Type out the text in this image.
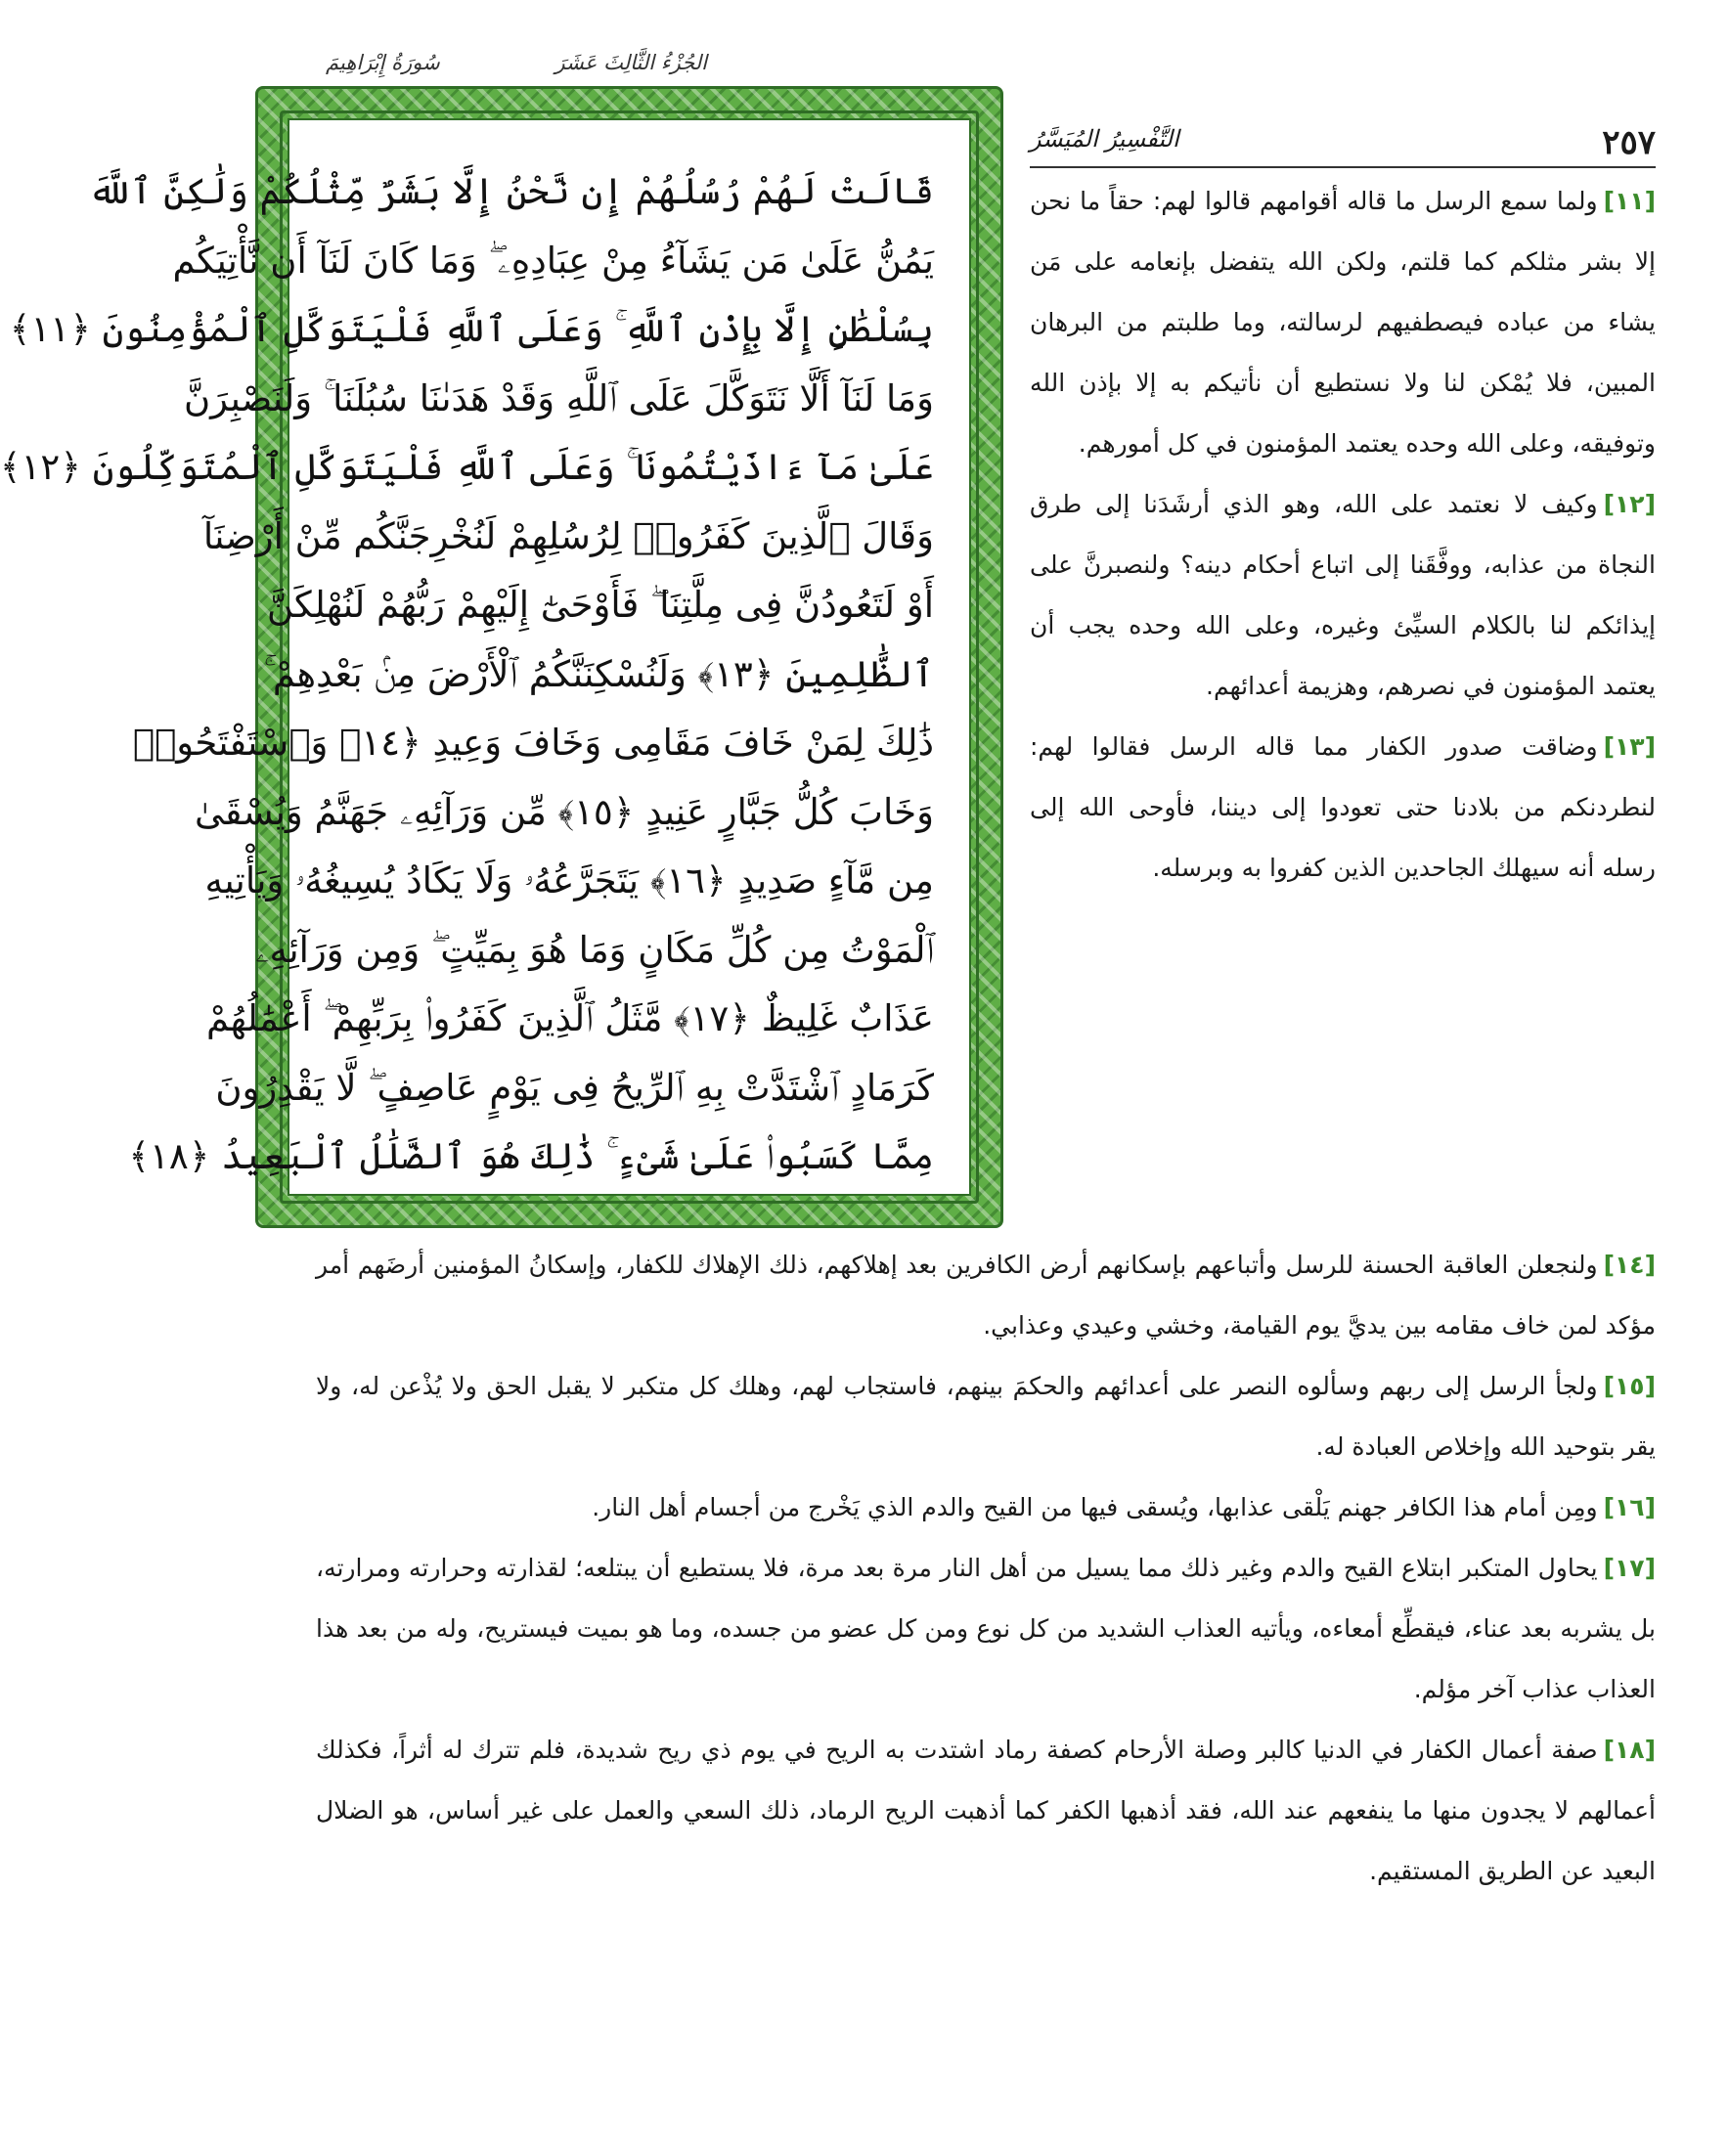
الجُزْءُ الثَّالِثَ عَشَرَ
سُورَةُ إِبْرَاهِيمَ
٢٥٧
التَّفْسِيرُ المُيَسَّرُ
قَالَتْ لَهُمْ رُسُلُهُمْ إِن نَّحْنُ إِلَّا بَشَرٌ مِّثْلُكُمْ وَلَٰكِنَّ ٱللَّهَ
يَمُنُّ عَلَىٰ مَن يَشَآءُ مِنْ عِبَادِهِۦ ۖ وَمَا كَانَ لَنَآ أَن نَّأْتِيَكُم
بِسُلْطَٰنٍ إِلَّا بِإِذْنِ ٱللَّهِ ۚ وَعَلَى ٱللَّهِ فَلْيَتَوَكَّلِ ٱلْمُؤْمِنُونَ ﴿١١﴾
وَمَا لَنَآ أَلَّا نَتَوَكَّلَ عَلَى ٱللَّهِ وَقَدْ هَدَىٰنَا سُبُلَنَا ۚ وَلَنَصْبِرَنَّ
عَلَىٰ مَآ ءَاذَيْتُمُونَا ۚ وَعَلَى ٱللَّهِ فَلْيَتَوَكَّلِ ٱلْمُتَوَكِّلُونَ ﴿١٢﴾
وَقَالَ ٱلَّذِينَ كَفَرُوا۟ لِرُسُلِهِمْ لَنُخْرِجَنَّكُم مِّنْ أَرْضِنَآ
أَوْ لَتَعُودُنَّ فِى مِلَّتِنَا ۖ فَأَوْحَىٰٓ إِلَيْهِمْ رَبُّهُمْ لَنُهْلِكَنَّ
ٱلظَّٰلِمِينَ ﴿١٣﴾ وَلَنُسْكِنَنَّكُمُ ٱلْأَرْضَ مِنۢ بَعْدِهِمْ ۚ
ذَٰلِكَ لِمَنْ خَافَ مَقَامِى وَخَافَ وَعِيدِ ﴿١٤﴾ وَٱسْتَفْتَحُوا۟
وَخَابَ كُلُّ جَبَّارٍ عَنِيدٍ ﴿١٥﴾ مِّن وَرَآئِهِۦ جَهَنَّمُ وَيُسْقَىٰ
مِن مَّآءٍ صَدِيدٍ ﴿١٦﴾ يَتَجَرَّعُهُۥ وَلَا يَكَادُ يُسِيغُهُۥ وَيَأْتِيهِ
ٱلْمَوْتُ مِن كُلِّ مَكَانٍ وَمَا هُوَ بِمَيِّتٍ ۖ وَمِن وَرَآئِهِۦ
عَذَابٌ غَلِيظٌ ﴿١٧﴾ مَّثَلُ ٱلَّذِينَ كَفَرُوا۟ بِرَبِّهِمْ ۖ أَعْمَٰلُهُمْ
كَرَمَادٍ ٱشْتَدَّتْ بِهِ ٱلرِّيحُ فِى يَوْمٍ عَاصِفٍ ۖ لَّا يَقْدِرُونَ
مِمَّا كَسَبُوا۟ عَلَىٰ شَىْءٍ ۚ ذَٰلِكَ هُوَ ٱلضَّلَٰلُ ٱلْبَعِيدُ ﴿١٨﴾

[١١]ولما سمع الرسل ما قاله أقوامهم قالوا لهم: حقاً ما نحن إلا بشر مثلكم كما قلتم، ولكن الله يتفضل بإنعامه على مَن يشاء من عباده فيصطفيهم لرسالته، وما طلبتم من البرهان المبين، فلا يُمْكن لنا ولا نستطيع أن نأتيكم به إلا بإذن الله وتوفيقه، وعلى الله وحده يعتمد المؤمنون في كل أمورهم.

[١٢]وكيف لا نعتمد على الله، وهو الذي أرشَدَنا إلى طرق النجاة من عذابه، ووفَّقَنا إلى اتباع أحكام دينه؟ ولنصبرنَّ على إيذائكم لنا بالكلام السيِّئ وغيره، وعلى الله وحده يجب أن يعتمد المؤمنون في نصرهم، وهزيمة أعدائهم.

[١٣]وضاقت صدور الكفار مما قاله الرسل فقالوا لهم: لنطردنكم من بلادنا حتى تعودوا إلى ديننا، فأوحى الله إلى رسله أنه سيهلك الجاحدين الذين كفروا به وبرسله.

[١٤]ولنجعلن العاقبة الحسنة للرسل وأتباعهم بإسكانهم أرض الكافرين بعد إهلاكهم، ذلك الإهلاك للكفار، وإسكانُ المؤمنين أرضَهم أمر مؤكد لمن خاف مقامه بين يديَّ يوم القيامة، وخشي وعيدي وعذابي.

[١٥]ولجأ الرسل إلى ربهم وسألوه النصر على أعدائهم والحكمَ بينهم، فاستجاب لهم، وهلك كل متكبر لا يقبل الحق ولا يُذْعن له، ولا يقر بتوحيد الله وإخلاص العبادة له.

[١٦]ومِن أمام هذا الكافر جهنم يَلْقى عذابها، ويُسقى فيها من القيح والدم الذي يَخْرج من أجسام أهل النار.

[١٧]يحاول المتكبر ابتلاع القيح والدم وغير ذلك مما يسيل من أهل النار مرة بعد مرة، فلا يستطيع أن يبتلعه؛ لقذارته وحرارته ومرارته، بل يشربه بعد عناء، فيقطِّع أمعاءه، ويأتيه العذاب الشديد من كل نوع ومن كل عضو من جسده، وما هو بميت فيستريح، وله من بعد هذا العذاب عذاب آخر مؤلم.

[١٨]صفة أعمال الكفار في الدنيا كالبر وصلة الأرحام كصفة رماد اشتدت به الريح في يوم ذي ريح شديدة، فلم تترك له أثراً، فكذلك أعمالهم لا يجدون منها ما ينفعهم عند الله، فقد أذهبها الكفر كما أذهبت الريح الرماد، ذلك السعي والعمل على غير أساس، هو الضلال البعيد عن الطريق المستقيم.
